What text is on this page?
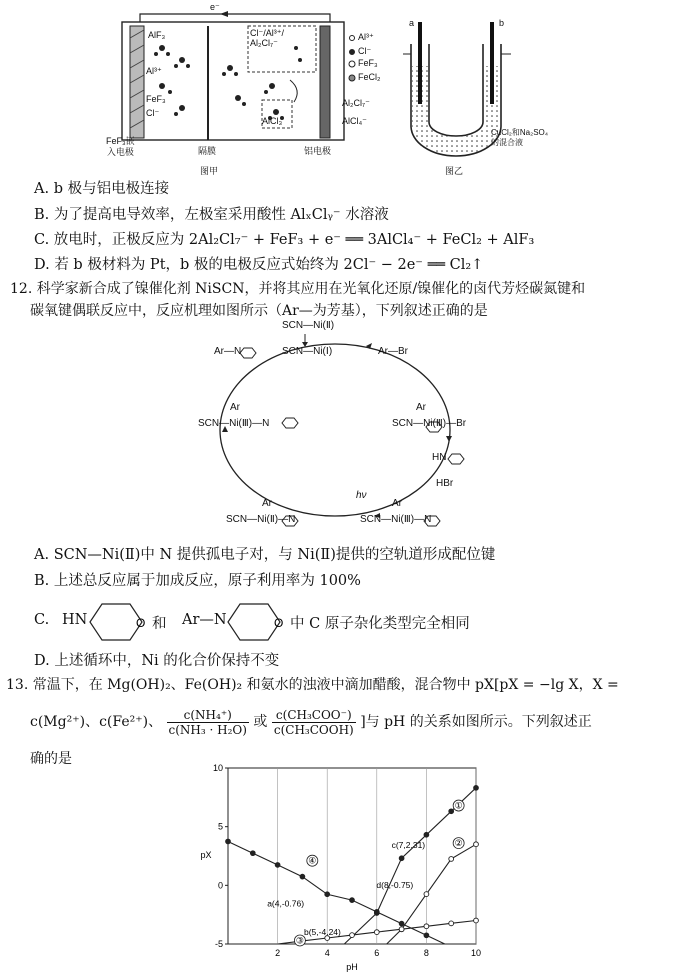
e⁻
AlF₃
Al³⁺
FeF₃
Cl⁻
Cl⁻/Al³⁺/
Al₂Cl₇⁻
AlCl₃
Al³⁺
Cl⁻
FeF₃
FeCl₂
Al₂Cl₇⁻
AlCl₄⁻
FeF₃嵌
入电极	隔膜	铝电极
图甲
a	b
CuCl₂和Na₂SO₄
的混合液
图乙
A. b 极与铝电极连接
B. 为了提高电导效率，左极室采用酸性 AlₓClᵧ⁻ 水溶液
C. 放电时，正极反应为 2Al₂Cl₇⁻ + FeF₃ + e⁻ ══ 3AlCl₄⁻ + FeCl₂ + AlF₃
D. 若 b 极材料为 Pt，b 极的电极反应式始终为 2Cl⁻ − 2e⁻ ══ Cl₂↑
12. 科学家新合成了镍催化剂 NiSCN，并将其应用在光氧化还原/镍催化的卤代芳烃碳氮键和
碳氧键偶联反应中，反应机理如图所示（Ar—为芳基），下列叙述正确的是
SCN—Ni(Ⅱ)
SCN—Ni(Ⅰ)	Ar—Br
Ar—N
Ar
SCN—Ni(Ⅲ)—Br
HN
HBr
Ar
SCN—Ni(Ⅲ)—N
hν
Ar
SCN—Ni(Ⅱ)—N
Ar
SCN—Ni(Ⅲ)—N
A. SCN—Ni(Ⅱ)中 N 提供孤电子对，与 Ni(Ⅱ)提供的空轨道形成配位键
B. 上述总反应属于加成反应，原子利用率为 100%
C. HN	O 和 Ar—N	O 中 C 原子杂化类型完全相同
D. 上述循环中，Ni 的化合价保持不变
13. 常温下，在 Mg(OH)₂、Fe(OH)₂ 和氨水的浊液中滴加醋酸，混合物中 pX[pX = −lg X，X =
c(Mg²⁺)、c(Fe²⁺)、 $\frac{\text{c(NH₄⁺)}}{\text{c(NH₃ · H₂O)}}$ 或 $\frac{\text{c(CH₃COO⁻)}}{\text{c(CH₃COOH)}}$ ]与 pH 的关系如图所示。下列叙述正
确的是
2	4	6	8	10
-5
0
5
10
pH
pX
①
②
③
④
c(7,2.31)
a(4,-0.76)
d(8,-0.75)
b(5,-4.24)
